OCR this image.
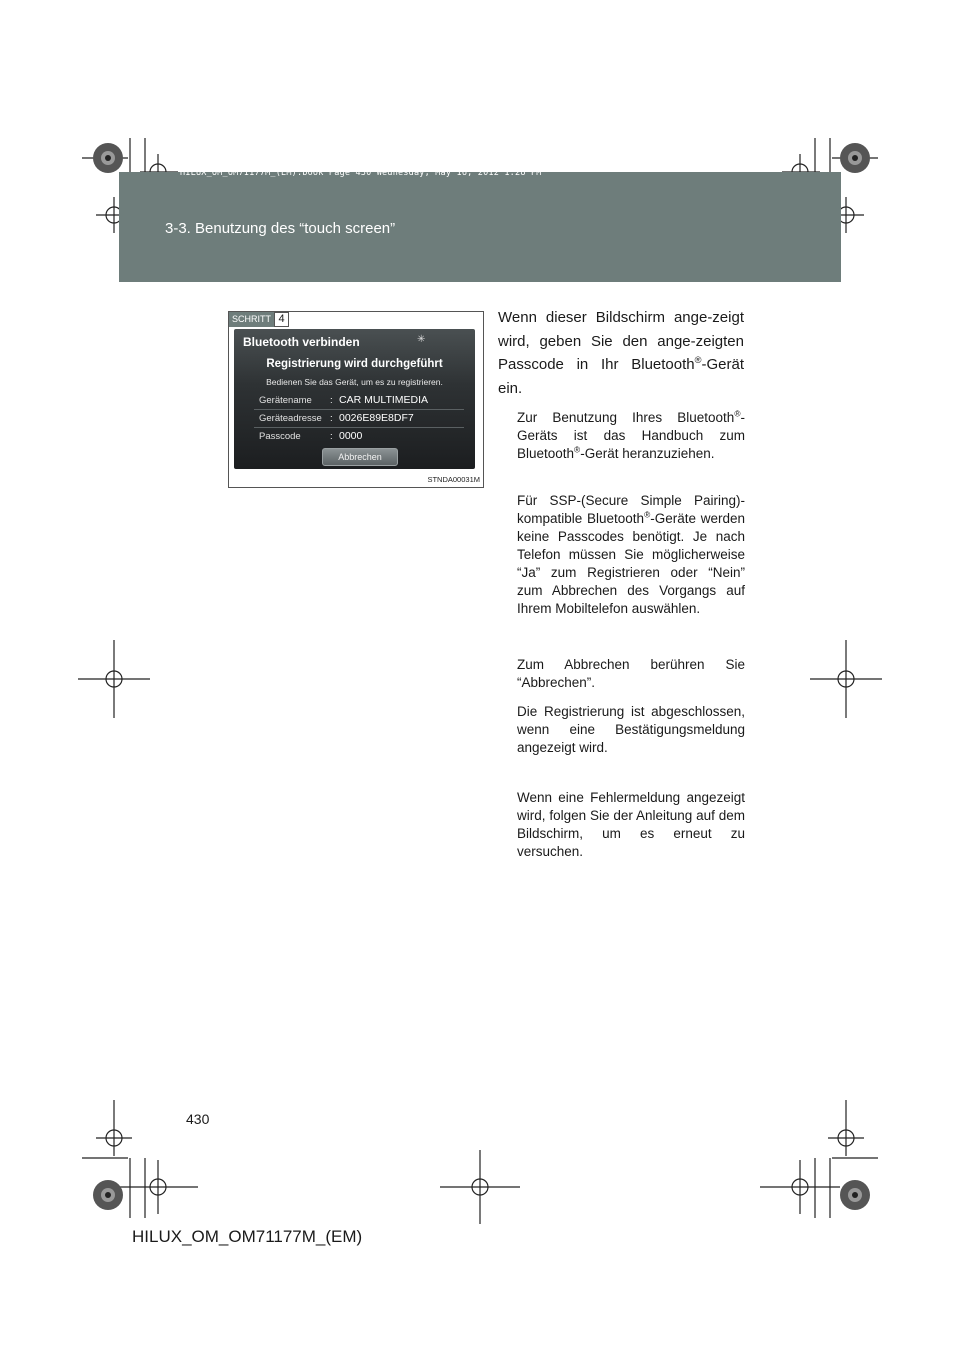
HILUX_OM_OM71177M_(EM).book Page 430 Wednesday, May 16, 2012 1:28 PM
3-3. Benutzung des “touch screen”
SCHRITT 4
Bluetooth verbinden	✳
Registrierung wird durchgeführt
Bedienen Sie das Gerät, um es zu registrieren.
Gerätename : CAR MULTIMEDIA
Geräteadresse : 0026E89E8DF7
Passcode	: 0000
Abbrechen
STNDA00031M
Wenn dieser Bildschirm ange-zeigt wird, geben Sie den ange-zeigten Passcode in Ihr Bluetooth®-Gerät ein.
Zur Benutzung Ihres Bluetooth®-Geräts ist das Handbuch zum Bluetooth®-Gerät heranzuziehen.
Für SSP-(Secure Simple Pairing)-kompatible Bluetooth®-Geräte werden keine Passcodes benötigt. Je nach Telefon müssen Sie möglicherweise “Ja” zum Registrieren oder “Nein” zum Abbrechen des Vorgangs auf Ihrem Mobiltelefon auswählen.
Zum Abbrechen berühren Sie “Abbrechen”.
Die Registrierung ist abgeschlossen, wenn eine Bestätigungsmeldung angezeigt wird.
Wenn eine Fehlermeldung angezeigt wird, folgen Sie der Anleitung auf dem Bildschirm, um es erneut zu versuchen.
430
HILUX_OM_OM71177M_(EM)
